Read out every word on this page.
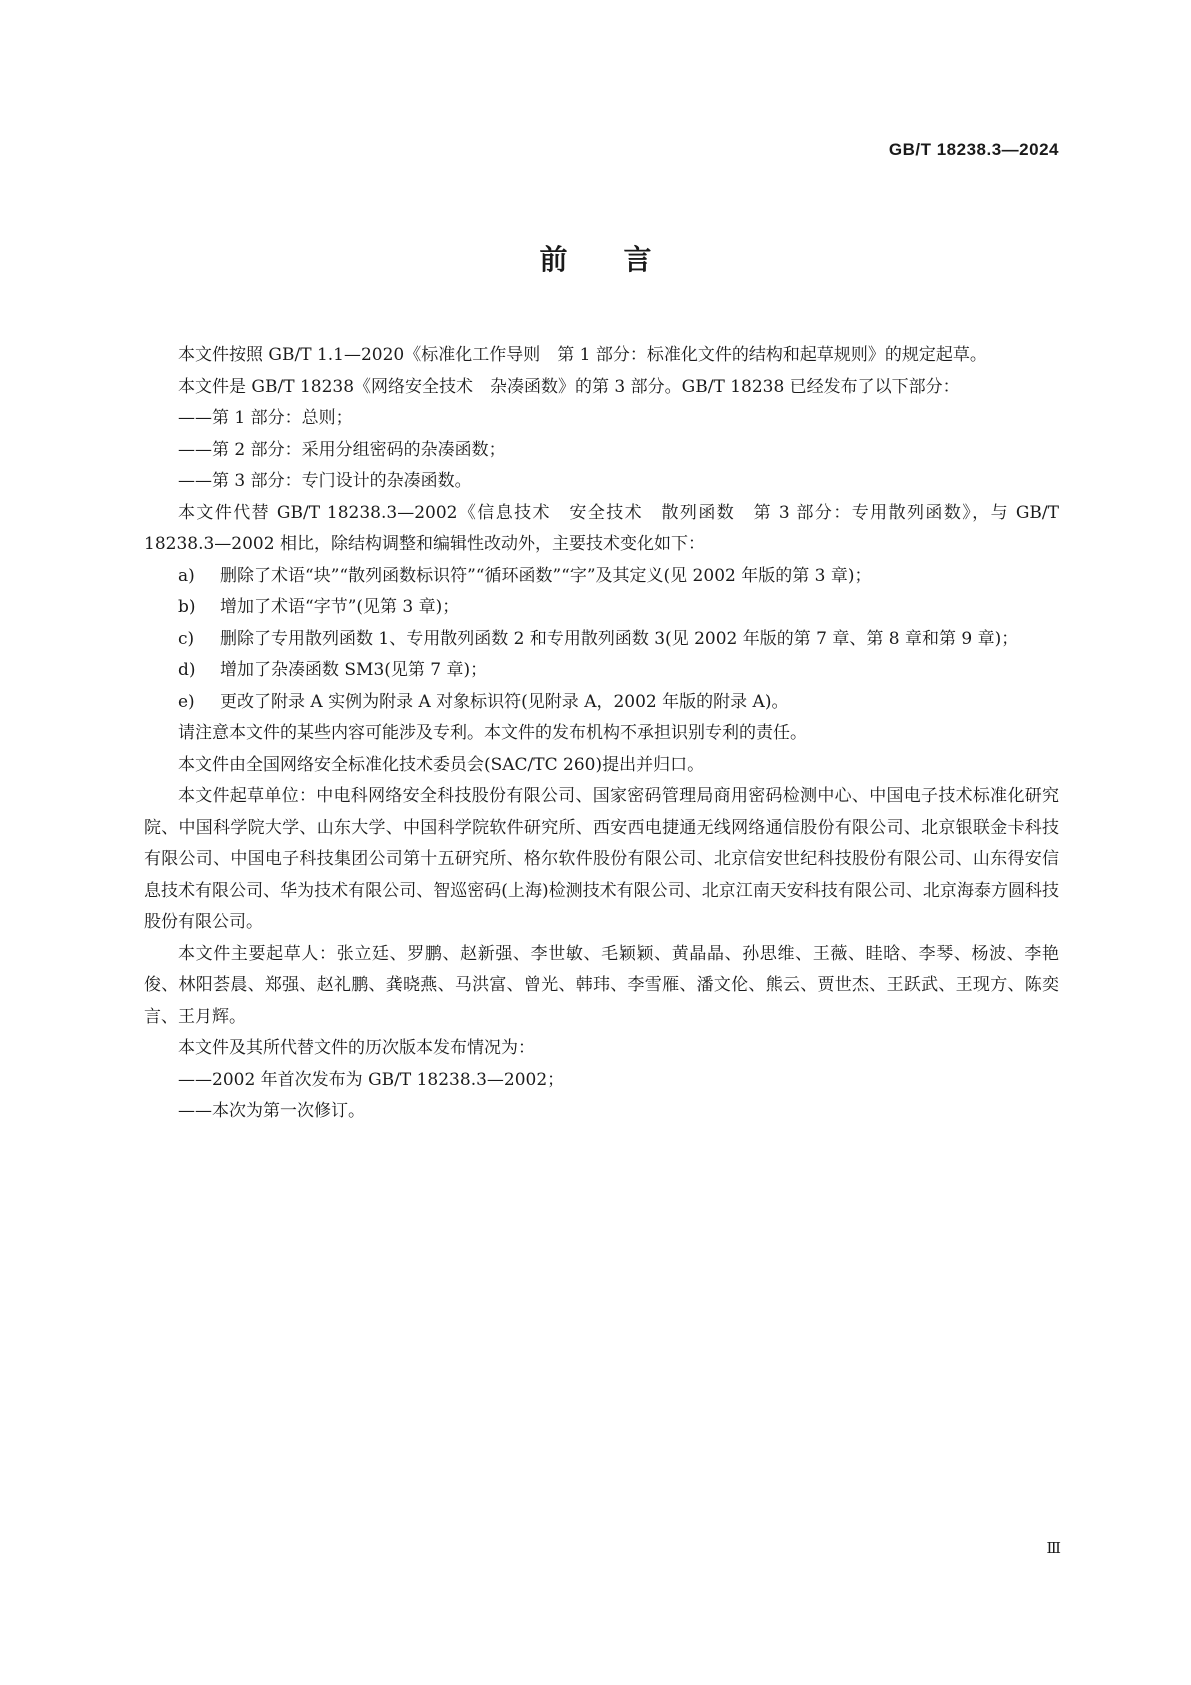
GB/T 18238.3—2024
前言

本文件按照 GB/T 1.1—2020《标准化工作导则　第 1 部分：标准化文件的结构和起草规则》的规定起草。

本文件是 GB/T 18238《网络安全技术　杂凑函数》的第 3 部分。GB/T 18238 已经发布了以下部分：

——第 1 部分：总则；

——第 2 部分：采用分组密码的杂凑函数；

——第 3 部分：专门设计的杂凑函数。

本文件代替 GB/T 18238.3—2002《信息技术　安全技术　散列函数　第 3 部分：专用散列函数》，与 GB/T 18238.3—2002 相比，除结构调整和编辑性改动外，主要技术变化如下：

a)	删除了术语“块”“散列函数标识符”“循环函数”“字”及其定义(见 2002 年版的第 3 章)；
b)	增加了术语“字节”(见第 3 章)；
c)	删除了专用散列函数 1、专用散列函数 2 和专用散列函数 3(见 2002 年版的第 7 章、第 8 章和第 9 章)；
d)	增加了杂凑函数 SM3(见第 7 章)；
e)	更改了附录 A 实例为附录 A 对象标识符(见附录 A，2002 年版的附录 A)。

请注意本文件的某些内容可能涉及专利。本文件的发布机构不承担识别专利的责任。

本文件由全国网络安全标准化技术委员会(SAC/TC 260)提出并归口。

本文件起草单位：中电科网络安全科技股份有限公司、国家密码管理局商用密码检测中心、中国电子技术标准化研究院、中国科学院大学、山东大学、中国科学院软件研究所、西安西电捷通无线网络通信股份有限公司、北京银联金卡科技有限公司、中国电子科技集团公司第十五研究所、格尔软件股份有限公司、北京信安世纪科技股份有限公司、山东得安信息技术有限公司、华为技术有限公司、智巡密码(上海)检测技术有限公司、北京江南天安科技有限公司、北京海泰方圆科技股份有限公司。

本文件主要起草人：张立廷、罗鹏、赵新强、李世敏、毛颖颖、黄晶晶、孙思维、王薇、眭晗、李琴、杨波、李艳俊、林阳荟晨、郑强、赵礼鹏、龚晓燕、马洪富、曾光、韩玮、李雪雁、潘文伦、熊云、贾世杰、王跃武、王现方、陈奕言、王月辉。

本文件及其所代替文件的历次版本发布情况为：

——2002 年首次发布为 GB/T 18238.3—2002；

——本次为第一次修订。

Ⅲ
